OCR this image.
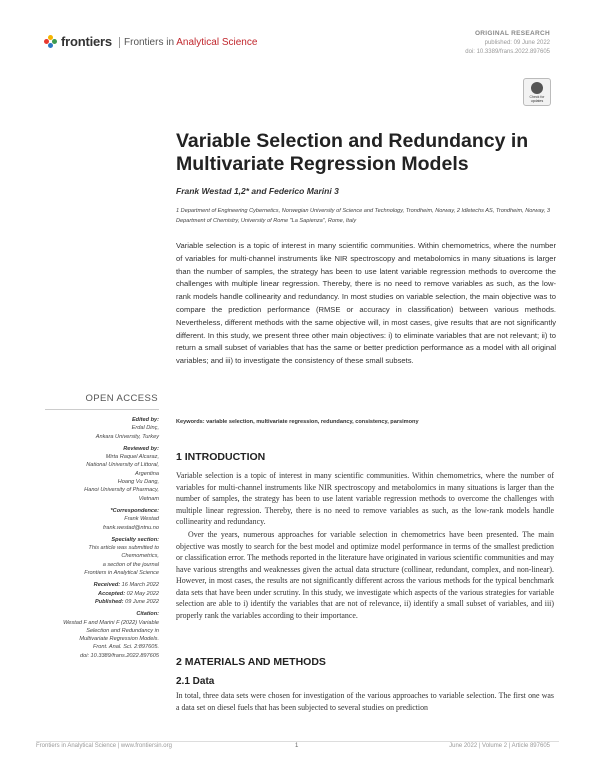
frontiers Frontiers in Analytical Science
ORIGINAL RESEARCH
published: 09 June 2022
doi: 10.3389/frans.2022.897605
Check for updates
Variable Selection and Redundancy in Multivariate Regression Models
Frank Westad 1,2* and Federico Marini 3
1 Department of Engineering Cybernetics, Norwegian University of Science and Technology, Trondheim, Norway, 2 Idletechs AS, Trondheim, Norway, 3 Department of Chemistry, University of Rome "La Sapienza", Rome, Italy
Variable selection is a topic of interest in many scientific communities. Within chemometrics, where the number of variables for multi-channel instruments like NIR spectroscopy and metabolomics in many situations is larger than the number of samples, the strategy has been to use latent variable regression methods to overcome the challenges with multiple linear regression. Thereby, there is no need to remove variables as such, as the low-rank models handle collinearity and redundancy. In most studies on variable selection, the main objective was to compare the prediction performance (RMSE or accuracy in classification) between various methods. Nevertheless, different methods with the same objective will, in most cases, give results that are not significantly different. In this study, we present three other main objectives: i) to eliminate variables that are not relevant; ii) to return a small subset of variables that has the same or better prediction performance as a model with all original variables; and iii) to investigate the consistency of these small subsets.
Keywords: variable selection, multivariate regression, redundancy, consistency, parsimony
OPEN ACCESS
Edited by:
Erdal Dinç,
Ankara University, Turkey
Reviewed by:
Mirta Raquel Alcaraz,
National University of Littoral,
Argentina
Hoang Vu Dang,
Hanoi University of Pharmacy,
Vietnam
*Correspondence:
Frank Westad
frank.westad@ntnu.no
Specialty section:
This article was submitted to
Chemometrics,
a section of the journal
Frontiers in Analytical Science
Received: 16 March 2022
Accepted: 02 May 2022
Published: 09 June 2022
Citation:
Westad F and Marini F (2022) Variable
Selection and Redundancy in
Multivariate Regression Models.
Front. Anal. Sci. 2:897605.
doi: 10.3389/frans.2022.897605
1 INTRODUCTION
Variable selection is a topic of interest in many scientific communities. Within chemometrics, where the number of variables for multi-channel instruments like NIR spectroscopy and metabolomics in many situations is larger than the number of samples, the strategy has been to use latent variable regression methods to overcome the challenges with multiple linear regression. Thereby, there is no need to remove variables as such, as the low-rank models handle collinearity and redundancy.
Over the years, numerous approaches for variable selection in chemometrics have been presented. The main objective was mostly to search for the best model and optimize model performance in terms of the smallest prediction or classification error. The methods reported in the literature have originated in various scientific communities and may have various strengths and weaknesses given the actual data structure (collinear, redundant, complex, and non-linear). However, in most cases, the results are not significantly different across the various methods for the typical benchmark data sets that have been under scrutiny. In this study, we investigate which aspects of the various strategies for variable selection are able to i) identify the variables that are not of relevance, ii) identify a small subset of variables, and iii) properly rank the variables according to their importance.
2 MATERIALS AND METHODS
2.1 Data
In total, three data sets were chosen for investigation of the various approaches to variable selection. The first one was a data set on diesel fuels that has been subjected to several studies on prediction
Frontiers in Analytical Science | www.frontiersin.org	1	June 2022 | Volume 2 | Article 897605
